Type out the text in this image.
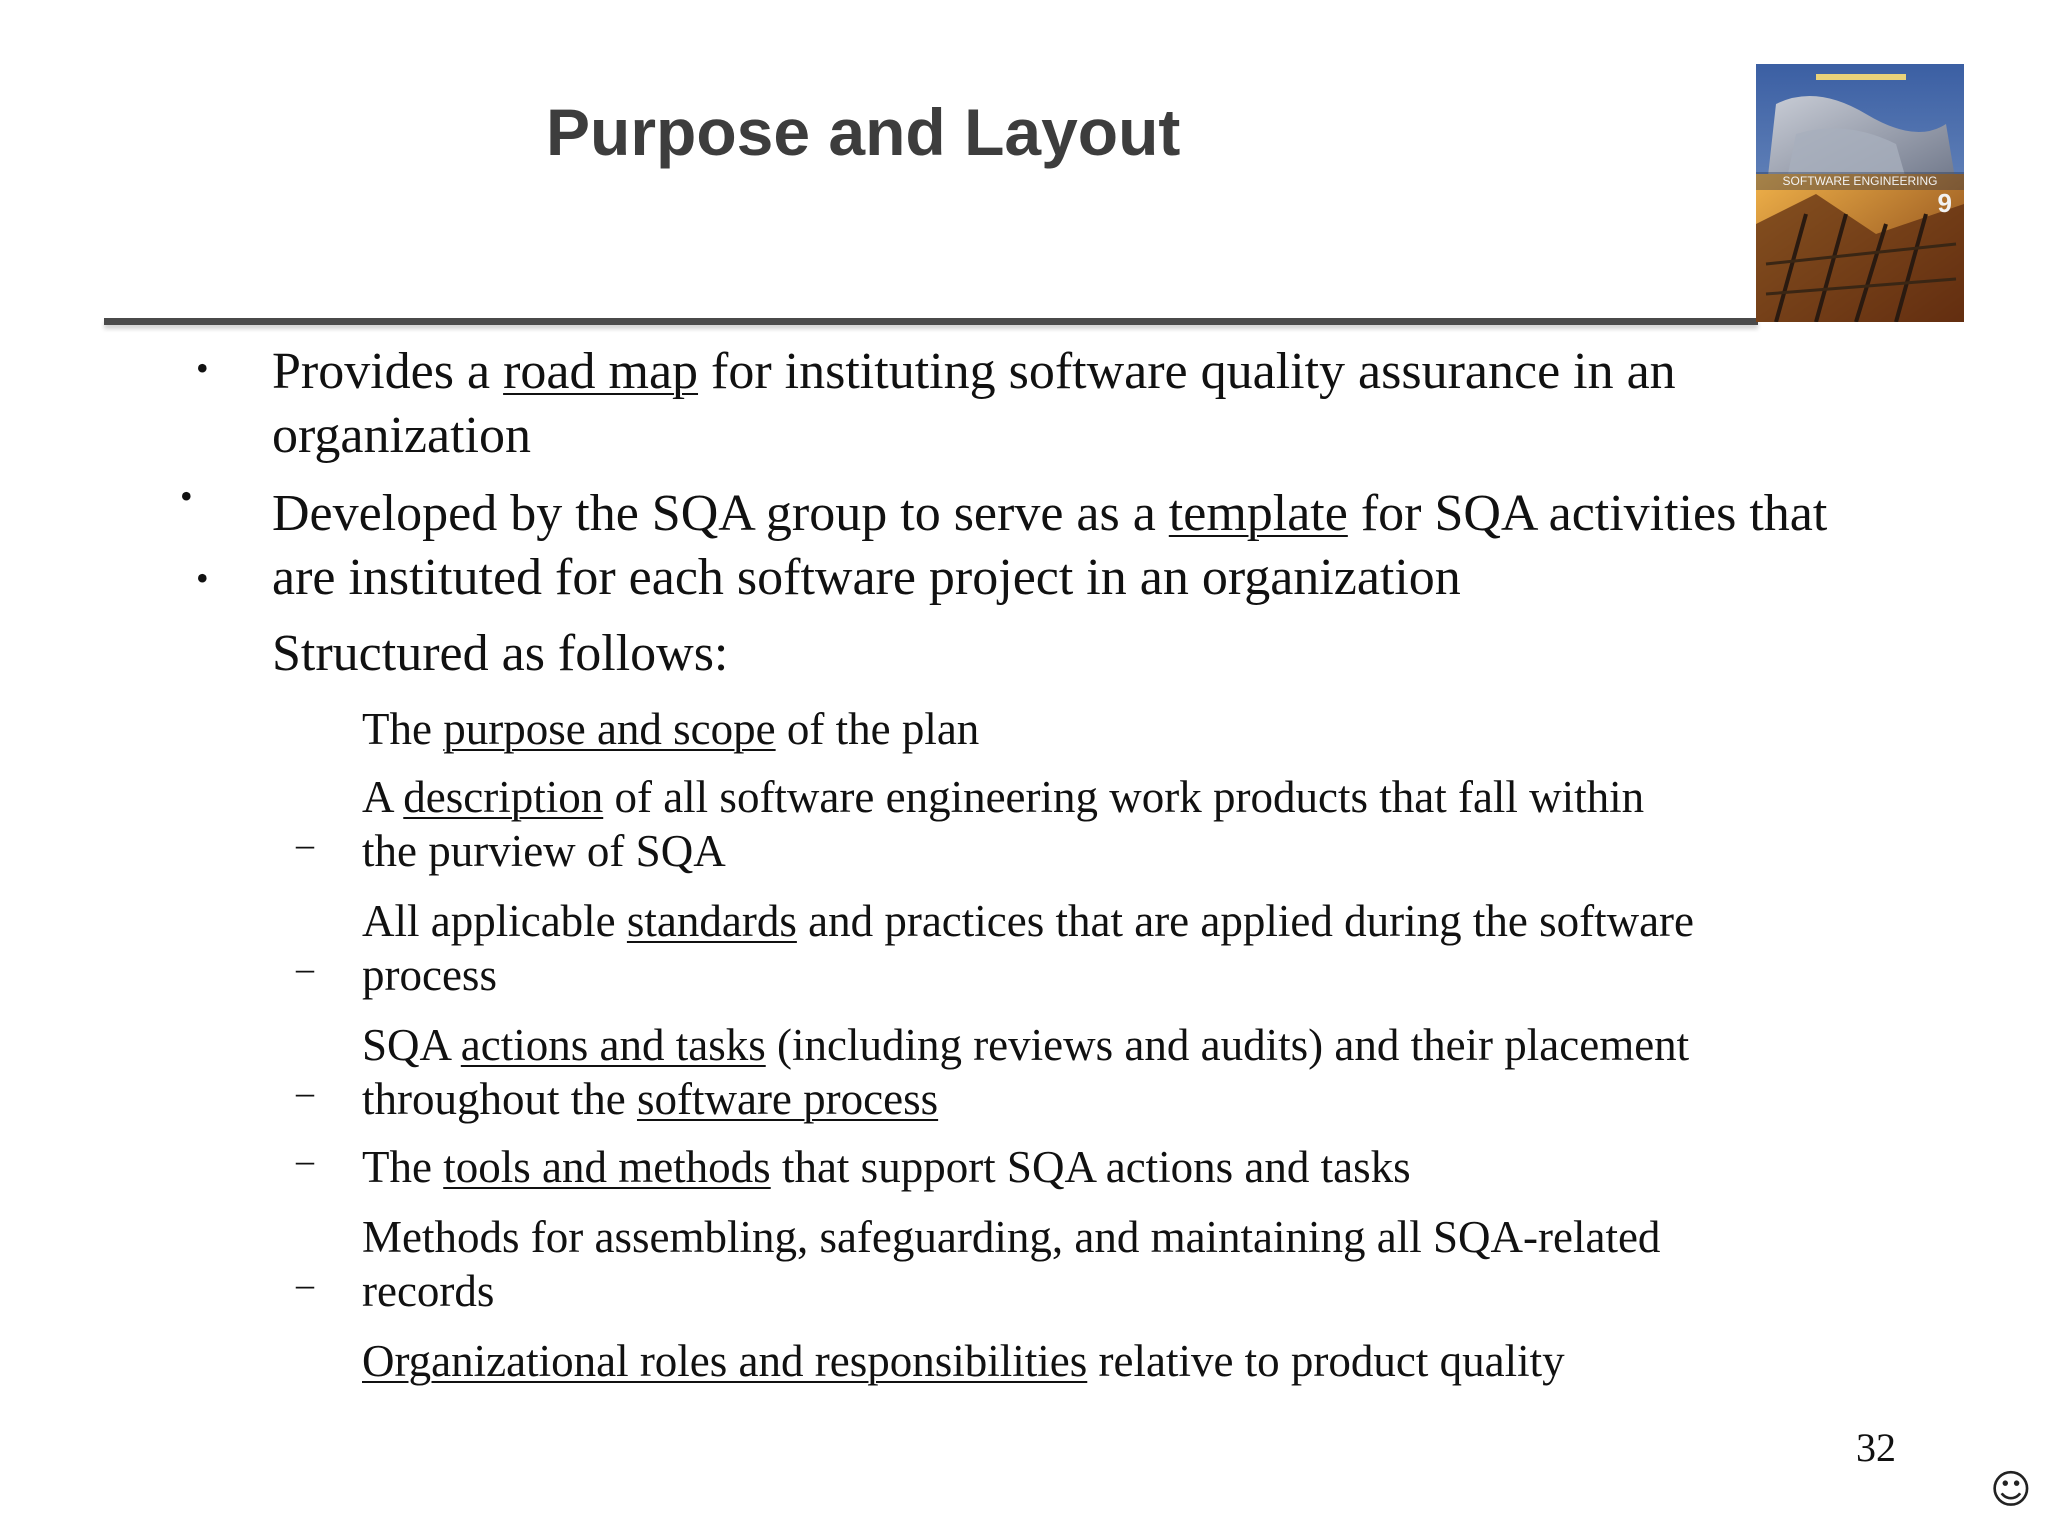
Purpose and Layout
SOFTWARE ENGINEERING
9
•
•
•
Provides a road map for instituting software quality assurance in an
organization
Developed by the SQA group to serve as a template for SQA activities that
are instituted for each software project in an organization
Structured as follows:
–
–
–
–
–
The purpose and scope of the plan
A description of all software engineering work products that fall within
the purview of SQA
All applicable standards and practices that are applied during the software
process
SQA actions and tasks (including reviews and audits) and their placement
throughout the software process
The tools and methods that support SQA actions and tasks
Methods for assembling, safeguarding, and maintaining all SQA-related
records
Organizational roles and responsibilities relative to product quality
32
☺
